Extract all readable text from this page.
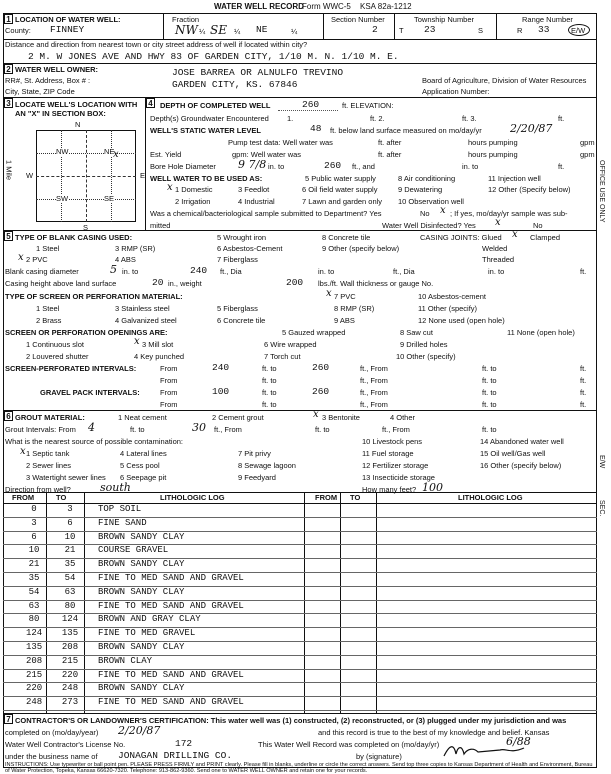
WATER WELL RECORD
Form WWC-5 KSA 82a-1212
1 LOCATION OF WATER WELL:
County: FINNEY
Fraction
NW ¼ SE ¼ NE	¼
Section Number
2
Township Number
T 23	S
Range Number
R 33	E/W
Distance and direction from nearest town or city street address of well if located within city?
2 M. W JONES AVE AND HWY 83 OF GARDEN CITY, 1/10 M. N. 1/10 M. E.
2 WATER WELL OWNER:	JOSE BARREA OR ALNULFO TREVINO
RR#, St. Address, Box # :	GARDEN CITY, KS. 67846	Board of Agriculture, Division of Water Resources
City, State, ZIP Code	Application Number:
3 LOCATE WELL'S LOCATION WITH AN "X" IN SECTION BOX:
N
NW	NE
x
SW	SE
W	E
S
1 Mile
4 DEPTH OF COMPLETED WELL	260	ft. ELEVATION:
Depth(s) Groundwater Encountered 1.	ft. 2.	ft. 3.	ft.
WELL'S STATIC WATER LEVEL	48 ft. below land surface measured on mo/day/yr	2/20/87
Pump test data: Well water was	ft. after	hours pumping	gpm
Est. Yield	gpm: Well water was	ft. after	hours pumping	gpm
Bore Hole Diameter 9 7/8 in. to	260 ft., and	in. to	ft.
WELL WATER TO BE USED AS:	5 Public water supply	8 Air conditioning	11 Injection well
x 1 Domestic	3 Feedlot	6 Oil field water supply	9 Dewatering	12 Other (Specify below)
2 Irrigation	4 Industrial	7 Lawn and garden only 10 Observation well
Was a chemical/bacteriological sample submitted to Department? Yes	No x ; If yes, mo/day/yr sample was sub-
mitted	Water Well Disinfected? Yes x	No
5 TYPE OF BLANK CASING USED:	5 Wrought iron	8 Concrete tile	CASING JOINTS: Glued x Clamped
1 Steel	3 RMP (SR)	6 Asbestos-Cement	9 Other (specify below)	Welded
x 2 PVC	4 ABS	7 Fiberglass	Threaded
Blank casing diameter	5 in. to	240 ft., Dia	in. to	ft., Dia	in. to	ft.
Casing height above land surface	20 in., weight	200 lbs./ft. Wall thickness or gauge No.
TYPE OF SCREEN OR PERFORATION MATERIAL:	x 7 PVC	10 Asbestos-cement
1 Steel	3 Stainless steel	5 Fiberglass	8 RMP (SR)	11 Other (specify)
2 Brass	4 Galvanized steel	6 Concrete tile	9 ABS	12 None used (open hole)
SCREEN OR PERFORATION OPENINGS ARE:	5 Gauzed wrapped	8 Saw cut	11 None (open hole)
1 Continuous slot	x 3 Mill slot	6 Wire wrapped	9 Drilled holes
2 Louvered shutter	4 Key punched	7 Torch cut	10 Other (specify)
SCREEN-PERFORATED INTERVALS:	From	240	ft. to	260	ft., From	ft. to	ft.
From	ft. to	ft., From	ft. to	ft.
GRAVEL PACK INTERVALS:	From	100	ft. to	260	ft., From	ft. to	ft.
From	ft. to	ft., From	ft. to	ft.
6 GROUT MATERIAL:	1 Neat cement	2 Cement grout	x 3 Bentonite	4 Other
Grout Intervals: From 4	ft. to	30 ft., From	ft. to	ft., From	ft. to
What is the nearest source of possible contamination:	10 Livestock pens	14 Abandoned water well
x 1 Septic tank	4 Lateral lines	7 Pit privy	11 Fuel storage	15 Oil well/Gas well
2 Sewer lines	5 Cess pool	8 Sewage lagoon	12 Fertilizer storage	16 Other (specify below)
3 Watertight sewer lines 6 Seepage pit	9 Feedyard	13 Insecticide storage
Direction from well?	south	How many feet? 100
FROM	TO	LITHOLOGIC LOG	FROM TO	LITHOLOGIC LOG
0	3	TOP SOIL
3	6	FINE SAND
6	10	BROWN SANDY CLAY
10	21	COURSE GRAVEL
21	35	BROWN SANDY CLAY
35	54	FINE TO MED SAND AND GRAVEL
54	63	BROWN SANDY CLAY
63	80	FINE TO MED SAND AND GRAVEL
80	124	BROWN AND GRAY CLAY
124	135	FINE TO MED GRAVEL
135	208	BROWN SANDY CLAY
208	215	BROWN CLAY
215	220	FINE TO MED SAND AND GRAVEL
220	248	BROWN SANDY CLAY
248	273	FINE TO MED SAND AND GRAVEL
7 CONTRACTOR'S OR LANDOWNER'S CERTIFICATION: This water well was (1) constructed, (2) reconstructed, or (3) plugged under my jurisdiction and was
completed on (mo/day/year) 2/20/87	and this record is true to the best of my knowledge and belief. Kansas
Water Well Contractor's License No.	172	This Water Well Record was completed on (mo/day/yr)	6/88
under the business name of JONAGAN DRILLING CO.	by (signature)
INSTRUCTIONS: Use typewriter or ball point pen. PLEASE PRESS FIRMLY and PRINT clearly. Please fill in blanks, underline or circle the correct answers. Send top three copies to Kansas Department of Health and Environment, Bureau of Water Protection, Topeka, Kansas 66620-7320. Telephone: 913-862-9360. Send one to WATER WELL OWNER and retain one for your records.
OFFICE USE ONLY
E/W
SEC.
